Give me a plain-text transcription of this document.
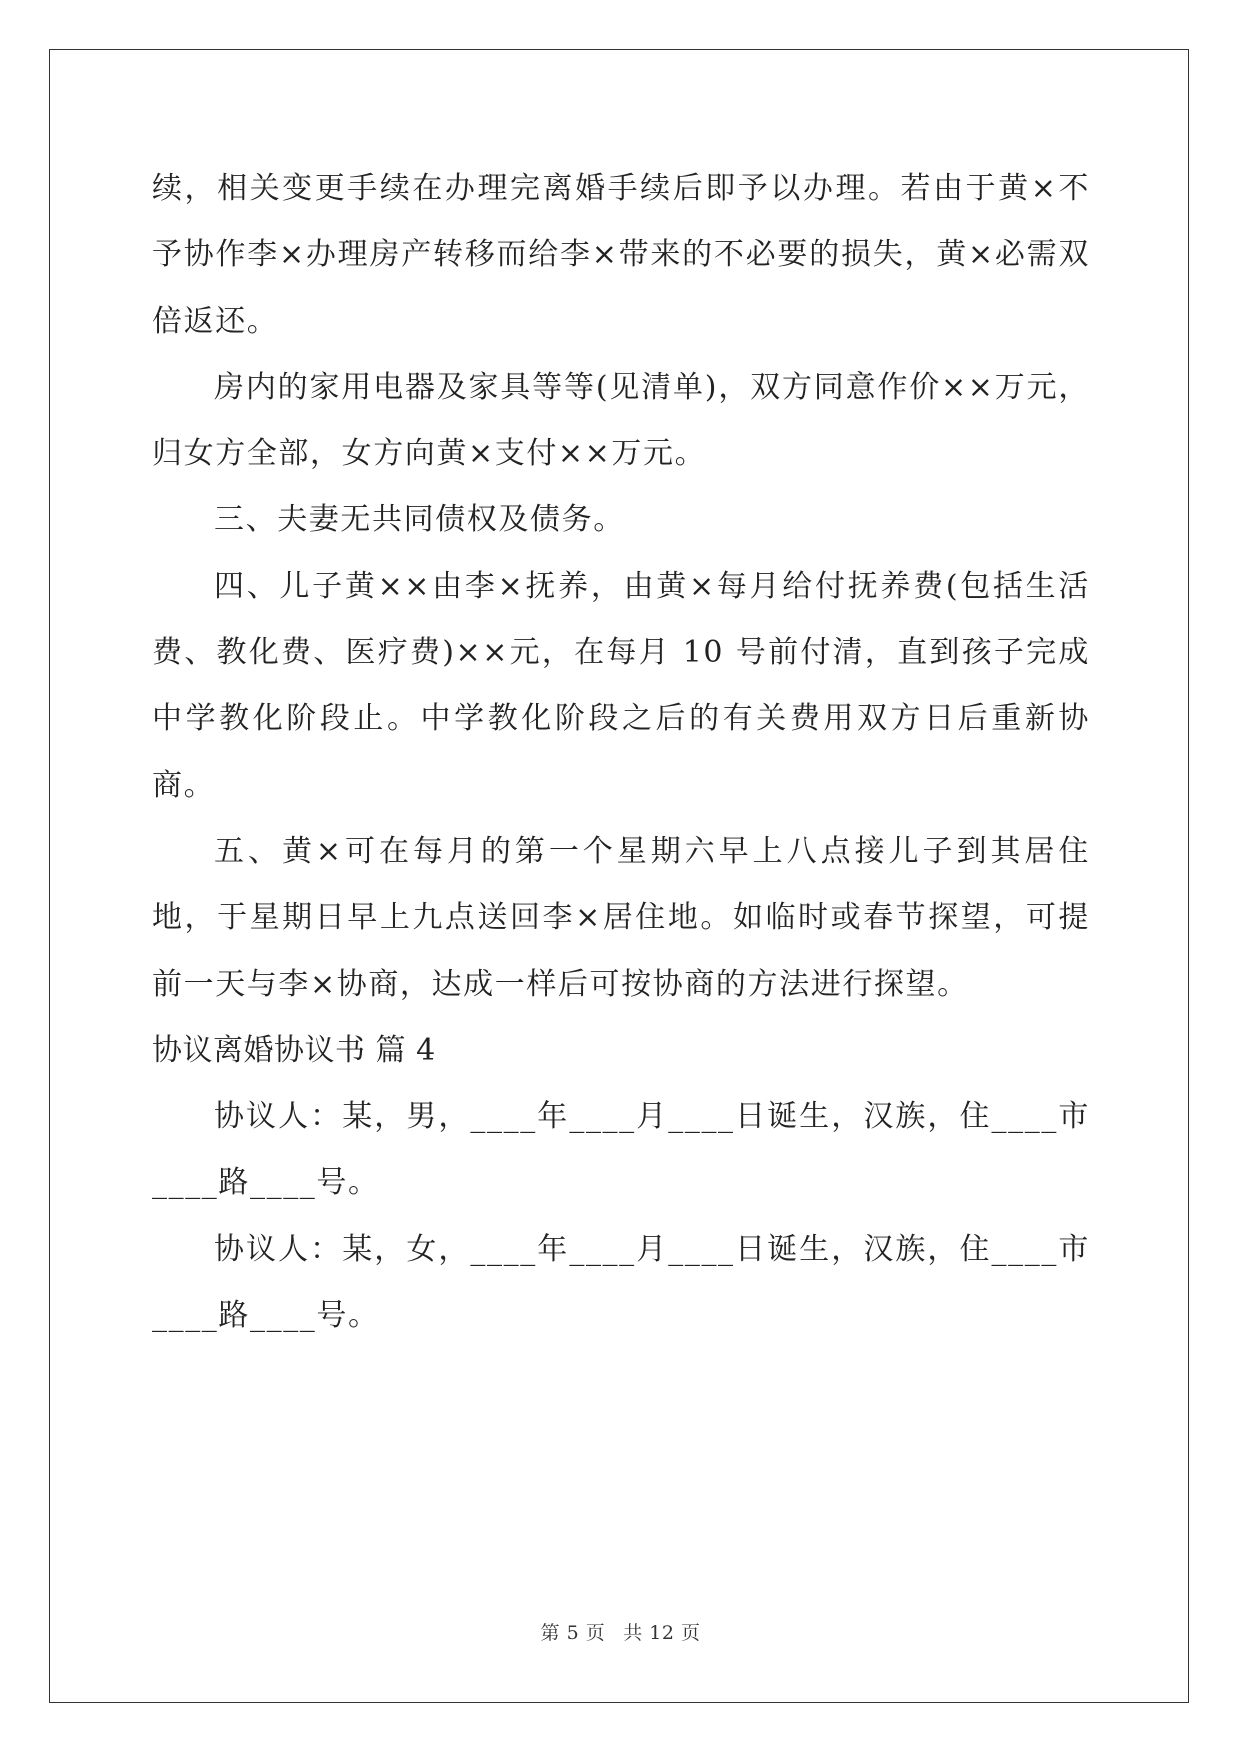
续，相关变更手续在办理完离婚手续后即予以办理。若由于黄×不予协作李×办理房产转移而给李×带来的不必要的损失，黄×必需双倍返还。

房内的家用电器及家具等等(见清单)，双方同意作价××万元，归女方全部，女方向黄×支付××万元。

三、夫妻无共同债权及债务。

四、儿子黄××由李×抚养，由黄×每月给付抚养费(包括生活费、教化费、医疗费)××元，在每月 10 号前付清，直到孩子完成中学教化阶段止。中学教化阶段之后的有关费用双方日后重新协商。

五、黄×可在每月的第一个星期六早上八点接儿子到其居住地，于星期日早上九点送回李×居住地。如临时或春节探望，可提前一天与李×协商，达成一样后可按协商的方法进行探望。

协议离婚协议书 篇 4

协议人：某，男，____年____月____日诞生，汉族，住____市____路____号。

协议人：某，女，____年____月____日诞生，汉族，住____市____路____号。

第 5 页 共 12 页
